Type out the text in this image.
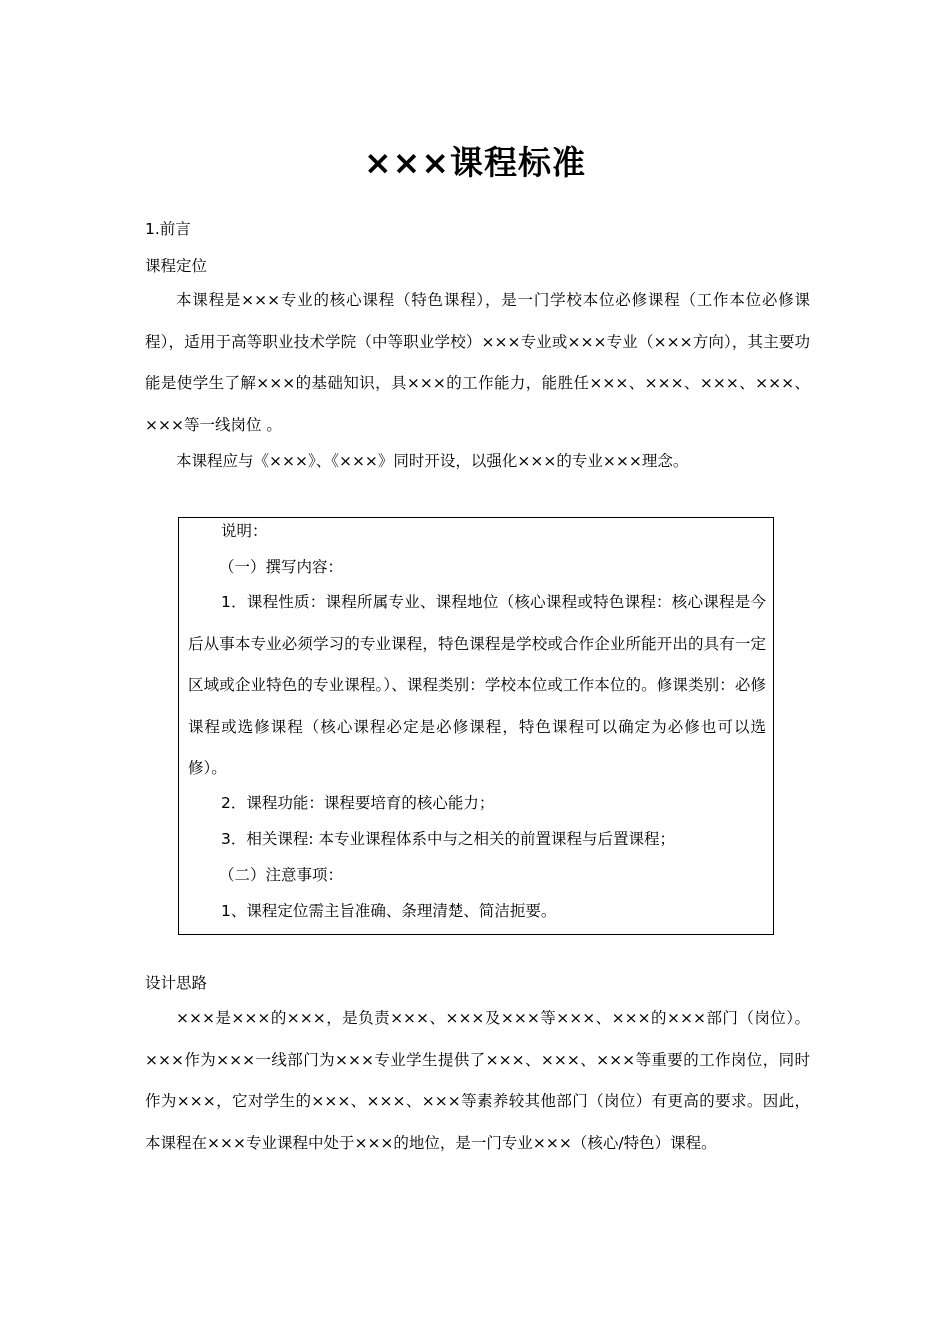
×××课程标准

1.前言

课程定位

本课程是×××专业的核心课程（特色课程），是一门学校本位必修课程（工作本位必修课程），适用于高等职业技术学院（中等职业学校）×××专业或×××专业（×××方向），其主要功能是使学生了解×××的基础知识，具×××的工作能力，能胜任×××、×××、×××、×××、×××等一线岗位 。

本课程应与《×××》、《×××》同时开设，以强化×××的专业×××理念。

说明：

（一）撰写内容：

1．课程性质：课程所属专业、课程地位（核心课程或特色课程：核心课程是今后从事本专业必须学习的专业课程，特色课程是学校或合作企业所能开出的具有一定区域或企业特色的专业课程。）、课程类别：学校本位或工作本位的。修课类别：必修课程或选修课程（核心课程必定是必修课程，特色课程可以确定为必修也可以选修）。

2．课程功能：课程要培育的核心能力；

3．相关课程: 本专业课程体系中与之相关的前置课程与后置课程；

（二）注意事项：

1、课程定位需主旨准确、条理清楚、简洁扼要。

设计思路

×××是×××的×××，是负责×××、×××及×××等×××、×××的×××部门（岗位）。×××作为×××一线部门为×××专业学生提供了×××、×××、×××等重要的工作岗位，同时作为×××，它对学生的×××、×××、×××等素养较其他部门（岗位）有更高的要求。因此，本课程在×××专业课程中处于×××的地位，是一门专业×××（核心/特色）课程。
